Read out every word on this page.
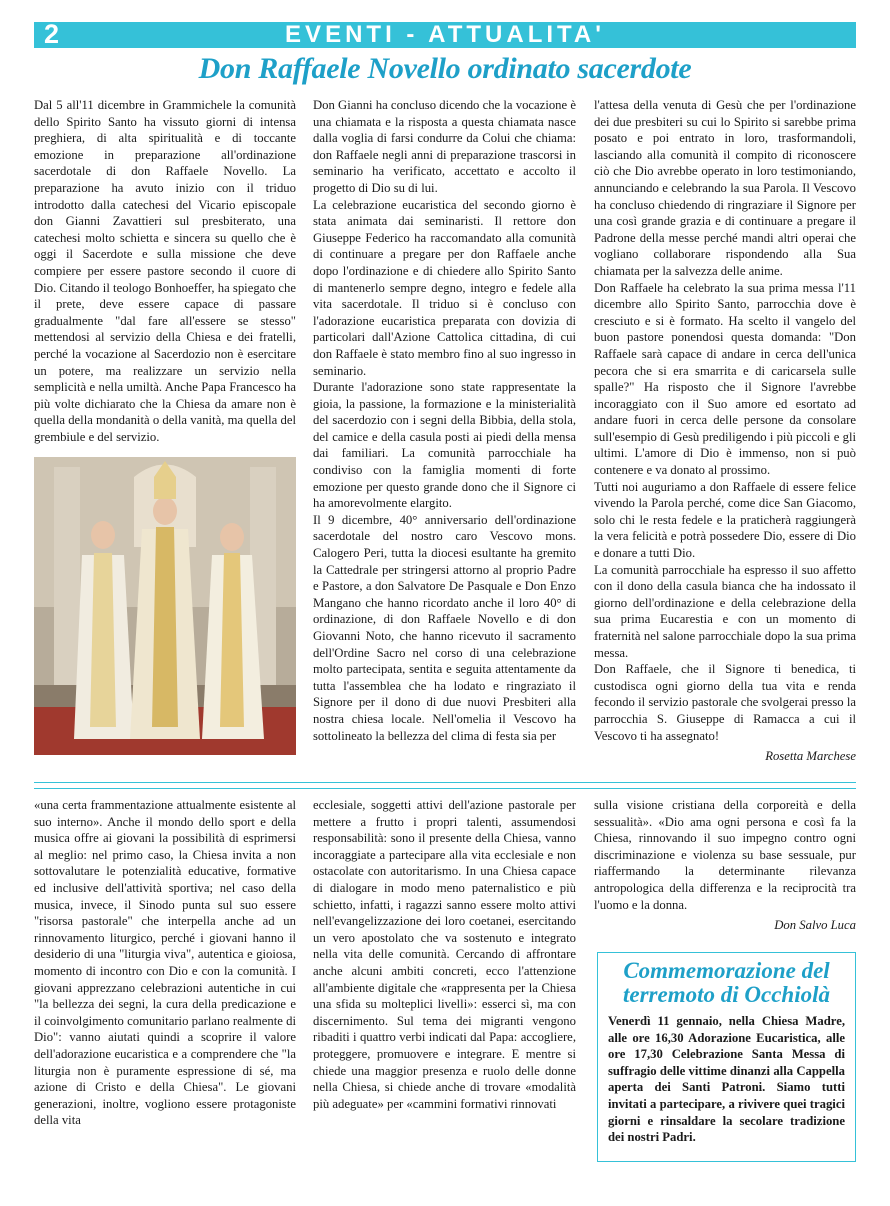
2	EVENTI - ATTUALITA'
Don Raffaele Novello ordinato sacerdote

Dal 5 all'11 dicembre in Grammichele la comunità dello Spirito Santo ha vissuto giorni di intensa preghiera, di alta spiritualità e di toccante emozione in preparazione all'ordinazione sacerdotale di don Raffaele Novello. La preparazione ha avuto inizio con il triduo introdotto dalla catechesi del Vicario episcopale don Gianni Zavattieri sul presbiterato, una catechesi molto schietta e sincera su quello che è oggi il Sacerdote e sulla missione che deve compiere per essere pastore secondo il cuore di Dio. Citando il teologo Bonhoeffer, ha spiegato che il prete, deve essere capace di passare gradualmente "dal fare all'essere se stesso" mettendosi al servizio della Chiesa e dei fratelli, perché la vocazione al Sacerdozio non è esercitare un potere, ma realizzare un servizio nella semplicità e nella umiltà. Anche Papa Francesco ha più volte dichiarato che la Chiesa da amare non è quella della mondanità o della vanità, ma quella del grembiule e del servizio.

Don Gianni ha concluso dicendo che la vocazione è una chiamata e la risposta a questa chiamata nasce dalla voglia di farsi condurre da Colui che chiama: don Raffaele negli anni di preparazione trascorsi in seminario ha verificato, accettato e accolto il progetto di Dio su di lui.

La celebrazione eucaristica del secondo giorno è stata animata dai seminaristi. Il rettore don Giuseppe Federico ha raccomandato alla comunità di continuare a pregare per don Raffaele anche dopo l'ordinazione e di chiedere allo Spirito Santo di mantenerlo sempre degno, integro e fedele alla vita sacerdotale. Il triduo si è concluso con l'adorazione eucaristica preparata con dovizia di particolari dall'Azione Cattolica cittadina, di cui don Raffaele è stato membro fino al suo ingresso in seminario.

Durante l'adorazione sono state rappresentate la gioia, la passione, la formazione e la ministerialità del sacerdozio con i segni della Bibbia, della stola, del camice e della casula posti ai piedi della mensa dai familiari. La comunità parrocchiale ha condiviso con la famiglia momenti di forte emozione per questo grande dono che il Signore ci ha amorevolmente elargito.

Il 9 dicembre, 40° anniversario dell'ordinazione sacerdotale del nostro caro Vescovo mons. Calogero Peri, tutta la diocesi esultante ha gremito la Cattedrale per stringersi attorno al proprio Padre e Pastore, a don Salvatore De Pasquale e Don Enzo Mangano che hanno ricordato anche il loro 40° di ordinazione, di don Raffaele Novello e di don Giovanni Noto, che hanno ricevuto il sacramento dell'Ordine Sacro nel corso di una celebrazione molto partecipata, sentita e seguita attentamente da tutta l'assemblea che ha lodato e ringraziato il Signore per il dono di due nuovi Presbiteri alla nostra chiesa locale. Nell'omelia il Vescovo ha sottolineato la bellezza del clima di festa sia per

l'attesa della venuta di Gesù che per l'ordinazione dei due presbiteri su cui lo Spirito si sarebbe prima posato e poi entrato in loro, trasformandoli, lasciando alla comunità il compito di riconoscere ciò che Dio avrebbe operato in loro testimoniando, annunciando e celebrando la sua Parola. Il Vescovo ha concluso chiedendo di ringraziare il Signore per una così grande grazia e di continuare a pregare il Padrone della messe perché mandi altri operai che vogliano collaborare rispondendo alla Sua chiamata per la salvezza delle anime.

Don Raffaele ha celebrato la sua prima messa l'11 dicembre allo Spirito Santo, parrocchia dove è cresciuto e si è formato. Ha scelto il vangelo del buon pastore ponendosi questa domanda: "Don Raffaele sarà capace di andare in cerca dell'unica pecora che si era smarrita e di caricarsela sulle spalle?" Ha risposto che il Signore l'avrebbe incoraggiato con il Suo amore ed esortato ad andare fuori in cerca delle persone da consolare sull'esempio di Gesù prediligendo i più piccoli e gli ultimi. L'amore di Dio è immenso, non si può contenere e va donato al prossimo.

Tutti noi auguriamo a don Raffaele di essere felice vivendo la Parola perché, come dice San Giacomo, solo chi le resta fedele e la praticherà raggiungerà la vera felicità e potrà possedere Dio, essere di Dio e donare a tutti Dio.

La comunità parrocchiale ha espresso il suo affetto con il dono della casula bianca che ha indossato il giorno dell'ordinazione e della celebrazione della sua prima Eucarestia e con un momento di fraternità nel salone parrocchiale dopo la sua prima messa.

Don Raffaele, che il Signore ti benedica, ti custodisca ogni giorno della tua vita e renda fecondo il servizio pastorale che svolgerai presso la parrocchia S. Giuseppe di Ramacca a cui il Vescovo ti ha assegnato!

Rosetta Marchese

«una certa frammentazione attualmente esistente al suo interno». Anche il mondo dello sport e della musica offre ai giovani la possibilità di esprimersi al meglio: nel primo caso, la Chiesa invita a non sottovalutare le potenzialità educative, formative ed inclusive dell'attività sportiva; nel caso della musica, invece, il Sinodo punta sul suo essere "risorsa pastorale" che interpella anche ad un rinnovamento liturgico, perché i giovani hanno il desiderio di una "liturgia viva", autentica e gioiosa, momento di incontro con Dio e con la comunità. I giovani apprezzano celebrazioni autentiche in cui "la bellezza dei segni, la cura della predicazione e il coinvolgimento comunitario parlano realmente di Dio": vanno aiutati quindi a scoprire il valore dell'adorazione eucaristica e a comprendere che "la liturgia non è puramente espressione di sé, ma azione di Cristo e della Chiesa". Le giovani generazioni, inoltre, vogliono essere protagoniste della vita

ecclesiale, soggetti attivi dell'azione pastorale per mettere a frutto i propri talenti, assumendosi responsabilità: sono il presente della Chiesa, vanno incoraggiate a partecipare alla vita ecclesiale e non ostacolate con autoritarismo. In una Chiesa capace di dialogare in modo meno paternalistico e più schietto, infatti, i ragazzi sanno essere molto attivi nell'evangelizzazione dei loro coetanei, esercitando un vero apostolato che va sostenuto e integrato nella vita delle comunità. Cercando di affrontare anche alcuni ambiti concreti, ecco l'attenzione all'ambiente digitale che «rappresenta per la Chiesa una sfida su molteplici livelli»: esserci sì, ma con discernimento. Sul tema dei migranti vengono ribaditi i quattro verbi indicati dal Papa: accogliere, proteggere, promuovere e integrare. E mentre si chiede una maggior presenza e ruolo delle donne nella Chiesa, si chiede anche di trovare «modalità più adeguate» per «cammini formativi rinnovati

sulla visione cristiana della corporeità e della sessualità». «Dio ama ogni persona e così fa la Chiesa, rinnovando il suo impegno contro ogni discriminazione e violenza su base sessuale, pur riaffermando la determinante rilevanza antropologica della differenza e la reciprocità tra l'uomo e la donna.

Don Salvo Luca

Commemorazione del
terremoto di Occhiolà
Venerdì 11 gennaio, nella Chiesa Madre, alle ore 16,30 Adorazione Eucaristica, alle ore 17,30 Celebrazione Santa Messa di suffragio delle vittime dinanzi alla Cappella aperta dei Santi Patroni. Siamo tutti invitati a partecipare, a rivivere quei tragici giorni e rinsaldare la secolare tradizione dei nostri Padri.
